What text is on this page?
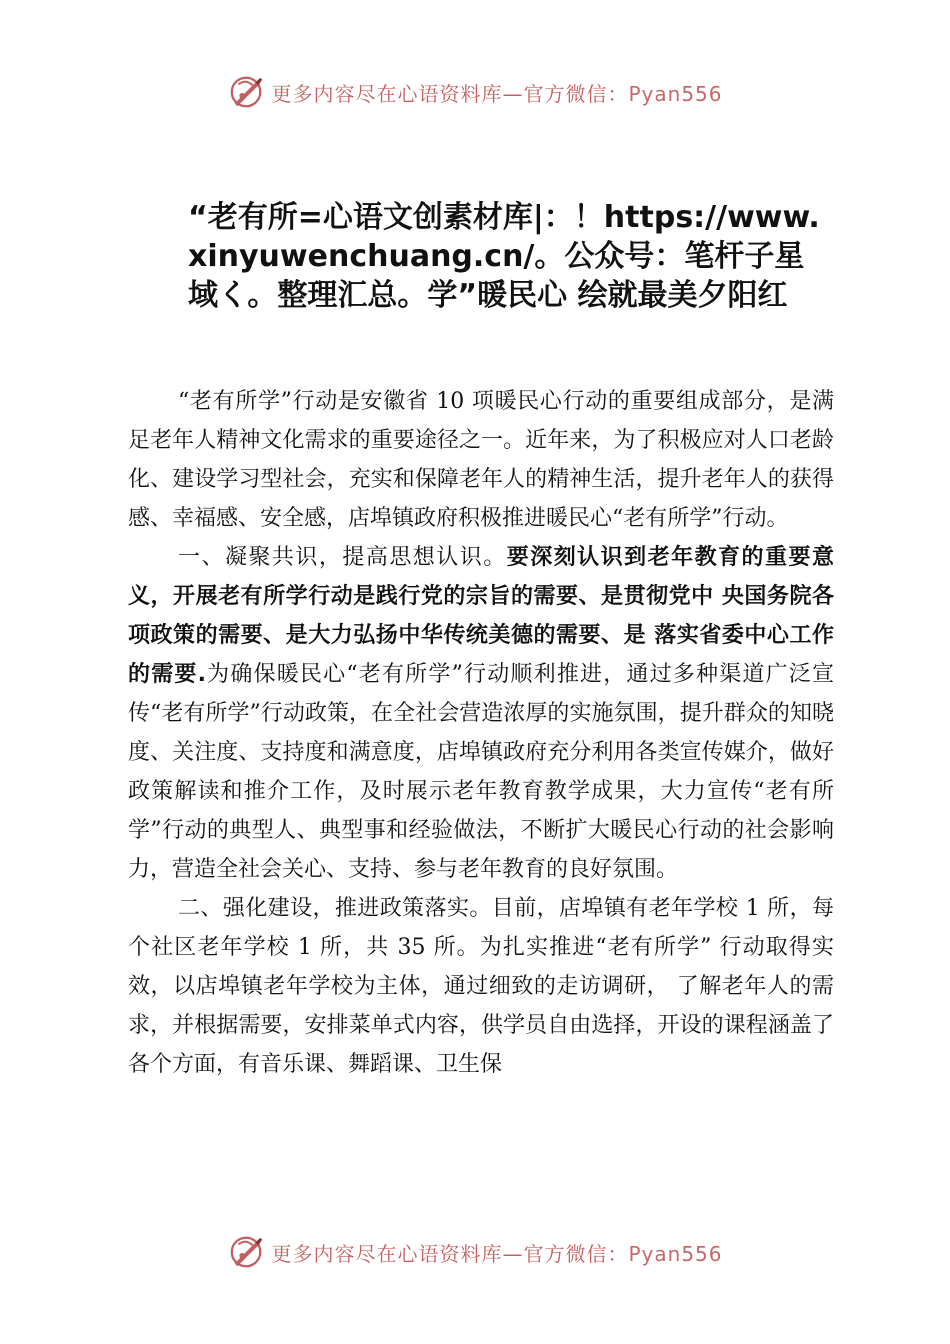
更多内容尽在心语资料库—官方微信：Pyan556
“老有所=心语文创素材库|：！https://www.xinyuwenchuang.cn/。公众号：笔杆子星域く。整理汇总。学”暖民心 绘就最美夕阳红

“老有所学”行动是安徽省 10 项暖民心行动的重要组成部分，是满足老年人精神文化需求的重要途径之一。近年来，为了积极应对人口老龄化、建设学习型社会，充实和保障老年人的精神生活，提升老年人的获得感、幸福感、安全感，店埠镇政府积极推进暖民心“老有所学”行动。

一、凝聚共识，提高思想认识。要深刻认识到老年教育的重要意义，开展老有所学行动是践行党的宗旨的需要、是贯彻党中 央国务院各项政策的需要、是大力弘扬中华传统美德的需要、是 落实省委中心工作的需要.为确保暖民心“老有所学”行动顺利推进，通过多种渠道广泛宣传“老有所学”行动政策，在全社会营造浓厚的实施氛围，提升群众的知晓度、关注度、支持度和满意度，店埠镇政府充分利用各类宣传媒介，做好政策解读和推介工作，及时展示老年教育教学成果，大力宣传“老有所学”行动的典型人、典型事和经验做法，不断扩大暖民心行动的社会影响 力，营造全社会关心、支持、参与老年教育的良好氛围。

二、强化建设，推进政策落实。目前，店埠镇有老年学校 1 所，每个社区老年学校 1 所，共 35 所。为扎实推进“老有所学” 行动取得实效，以店埠镇老年学校为主体，通过细致的走访调研， 了解老年人的需求，并根据需要，安排菜单式内容，供学员自由选择，开设的课程涵盖了各个方面，有音乐课、舞蹈课、卫生保

更多内容尽在心语资料库—官方微信：Pyan556
